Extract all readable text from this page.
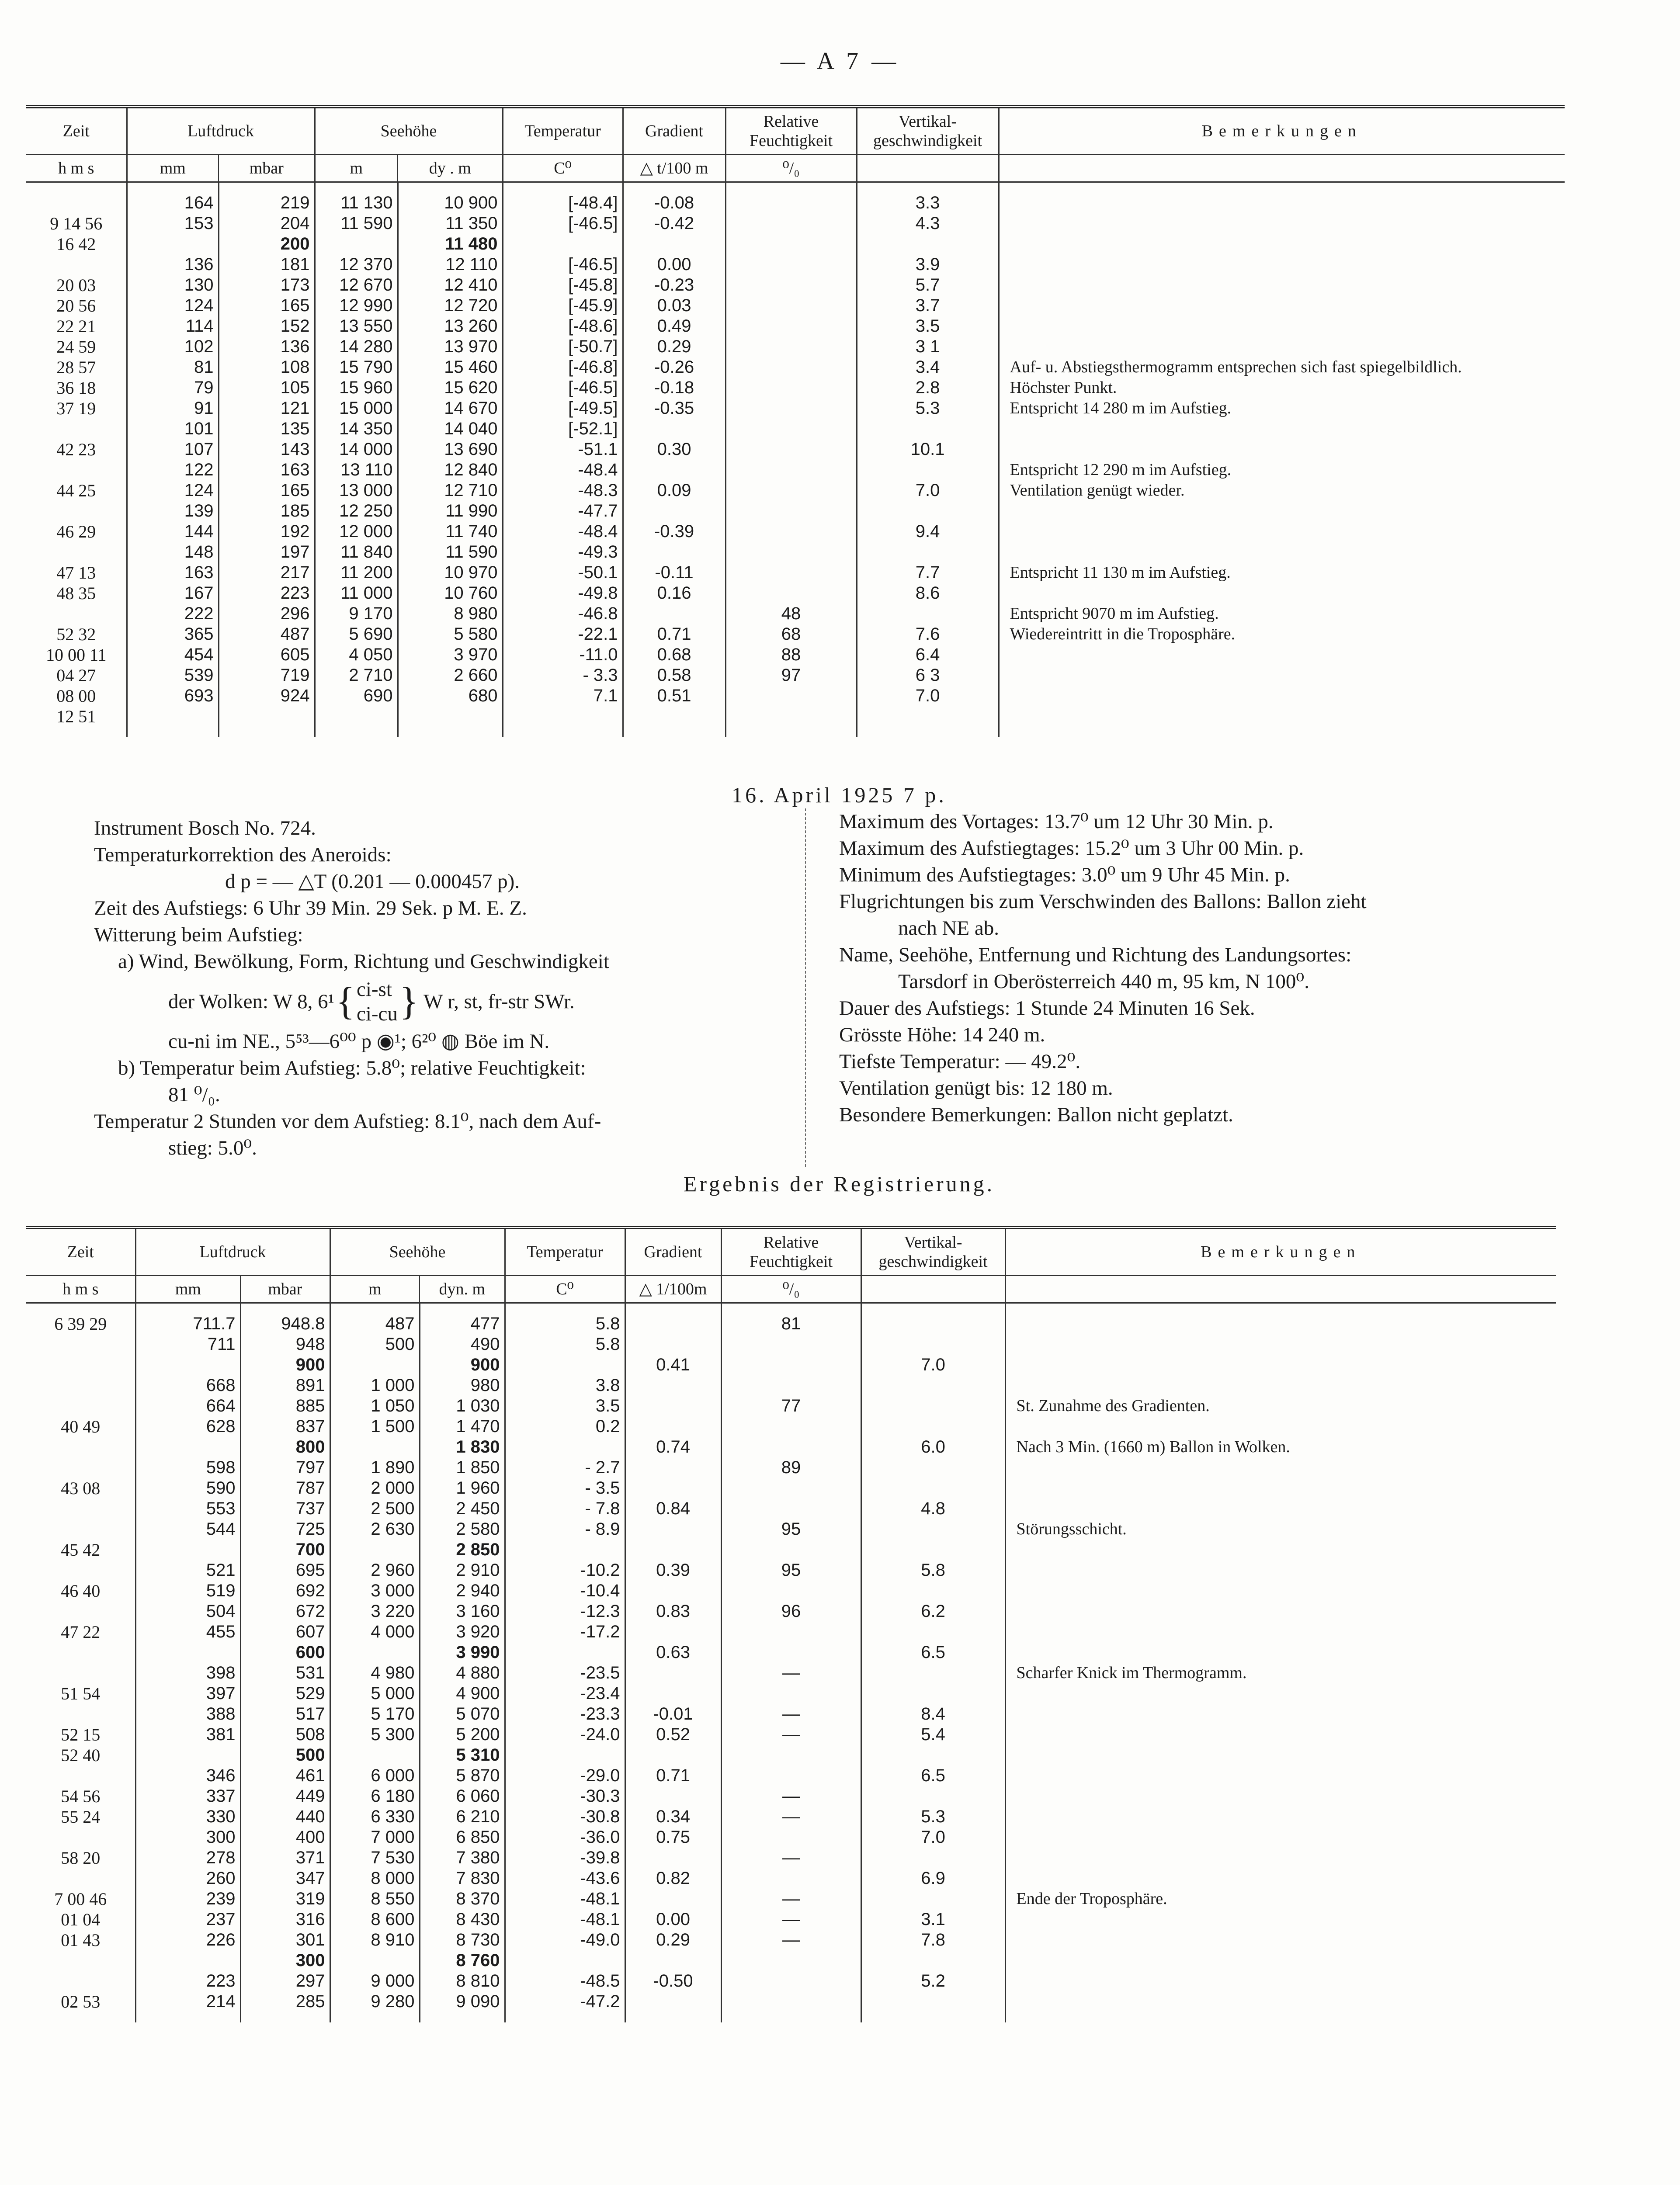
— A 7 —
Zeit	Luftdruck		Seehöhe		Temperatur	Gradient	Relative Feuchtigkeit	Vertikal-geschwindigkeit	Bemerkungen
h m s	mm	mbar	m	dy . m	C⁰	△ t/100 m	⁰/₀		

	164	219	11 130	10 900	[-48.4]	-0.08		3.3	
9 14 56	153	204	11 590	11 350	[-46.5]	-0.42		4.3	
16 42		200		11 480					
	136	181	12 370	12 110	[-46.5]	0.00		3.9	
20 03	130	173	12 670	12 410	[-45.8]	-0.23		5.7	
20 56	124	165	12 990	12 720	[-45.9]	0.03		3.7	
22 21	114	152	13 550	13 260	[-48.6]	0.49		3.5	
24 59	102	136	14 280	13 970	[-50.7]	0.29		3 1	
28 57	81	108	15 790	15 460	[-46.8]	-0.26		3.4	Auf- u. Abstiegsthermogramm entsprechen sich fast spiegelbildlich.
36 18	79	105	15 960	15 620	[-46.5]	-0.18		2.8	Höchster Punkt.
37 19	91	121	15 000	14 670	[-49.5]	-0.35		5.3	Entspricht 14 280 m im Aufstieg.
	101	135	14 350	14 040	[-52.1]				
42 23	107	143	14 000	13 690	-51.1	0.30		10.1	
	122	163	13 110	12 840	-48.4				Entspricht 12 290 m im Aufstieg.
44 25	124	165	13 000	12 710	-48.3	0.09		7.0	Ventilation genügt wieder.
	139	185	12 250	11 990	-47.7				
46 29	144	192	12 000	11 740	-48.4	-0.39		9.4	
	148	197	11 840	11 590	-49.3				
47 13	163	217	11 200	10 970	-50.1	-0.11		7.7	Entspricht 11 130 m im Aufstieg.
48 35	167	223	11 000	10 760	-49.8	0.16		8.6	
	222	296	9 170	8 980	-46.8		48		Entspricht 9070 m im Aufstieg.
52 32	365	487	5 690	5 580	-22.1	0.71	68	7.6	Wiedereintritt in die Troposphäre.
10 00 11	454	605	4 050	3 970	-11.0	0.68	88	6.4	
04 27	539	719	2 710	2 660	- 3.3	0.58	97	6 3	
08 00	693	924	690	680	7.1	0.51		7.0	
12 51									

16. April 1925 7 p.
Instrument Bosch No. 724.
Temperaturkorrektion des Aneroids:
d p = — △T (0.201 — 0.000457 p).
Zeit des Aufstiegs: 6 Uhr 39 Min. 29 Sek. p M. E. Z.
Witterung beim Aufstieg:
a) Wind, Bewölkung, Form, Richtung und Geschwindigkeit
der Wolken: W 8, 6¹ { ci-st
ci-cu } W r, st, fr-str SWr.
cu-ni im NE., 5⁵³—6⁰⁰ p ◉¹; 6²⁰ ◍ Böe im N.
b) Temperatur beim Aufstieg: 5.8⁰; relative Feuchtigkeit:
81 ⁰/₀.
Temperatur 2 Stunden vor dem Aufstieg: 8.1⁰, nach dem Auf-
stieg: 5.0⁰.
Maximum des Vortages: 13.7⁰ um 12 Uhr 30 Min. p.
Maximum des Aufstiegtages: 15.2⁰ um 3 Uhr 00 Min. p.
Minimum des Aufstiegtages: 3.0⁰ um 9 Uhr 45 Min. p.
Flugrichtungen bis zum Verschwinden des Ballons: Ballon zieht
nach NE ab.
Name, Seehöhe, Entfernung und Richtung des Landungsortes:
Tarsdorf in Oberösterreich 440 m, 95 km, N 100⁰.
Dauer des Aufstiegs: 1 Stunde 24 Minuten 16 Sek.
Grösste Höhe: 14 240 m.
Tiefste Temperatur: — 49.2⁰.
Ventilation genügt bis: 12 180 m.
Besondere Bemerkungen: Ballon nicht geplatzt.
Ergebnis der Registrierung.
Zeit	Luftdruck		Seehöhe		Temperatur	Gradient	Relative Feuchtigkeit	Vertikal-geschwindigkeit	Bemerkungen
h m s	mm	mbar	m	dyn. m	C⁰	△ 1/100m	⁰/₀		

6 39 29	711.7	948.8	487	477	5.8		81		
	711	948	500	490	5.8				
		900		900		0.41		7.0	
	668	891	1 000	980	3.8				
	664	885	1 050	1 030	3.5		77		St. Zunahme des Gradienten.
40 49	628	837	1 500	1 470	0.2				
		800		1 830		0.74		6.0	Nach 3 Min. (1660 m) Ballon in Wolken.
	598	797	1 890	1 850	- 2.7		89		
43 08	590	787	2 000	1 960	- 3.5				
	553	737	2 500	2 450	- 7.8	0.84		4.8	
	544	725	2 630	2 580	- 8.9		95		Störungsschicht.
45 42		700		2 850					
	521	695	2 960	2 910	-10.2	0.39	95	5.8	
46 40	519	692	3 000	2 940	-10.4				
	504	672	3 220	3 160	-12.3	0.83	96	6.2	
47 22	455	607	4 000	3 920	-17.2				
		600		3 990		0.63		6.5	
	398	531	4 980	4 880	-23.5		—		Scharfer Knick im Thermogramm.
51 54	397	529	5 000	4 900	-23.4				
	388	517	5 170	5 070	-23.3	-0.01	—	8.4	
52 15	381	508	5 300	5 200	-24.0	0.52	—	5.4	
52 40		500		5 310					
	346	461	6 000	5 870	-29.0	0.71		6.5	
54 56	337	449	6 180	6 060	-30.3		—		
55 24	330	440	6 330	6 210	-30.8	0.34	—	5.3	
	300	400	7 000	6 850	-36.0	0.75		7.0	
58 20	278	371	7 530	7 380	-39.8		—		
	260	347	8 000	7 830	-43.6	0.82		6.9	
7 00 46	239	319	8 550	8 370	-48.1		—		Ende der Troposphäre.
01 04	237	316	8 600	8 430	-48.1	0.00	—	3.1	
01 43	226	301	8 910	8 730	-49.0	0.29	—	7.8	
		300		8 760					
	223	297	9 000	8 810	-48.5	-0.50		5.2	
02 53	214	285	9 280	9 090	-47.2				
